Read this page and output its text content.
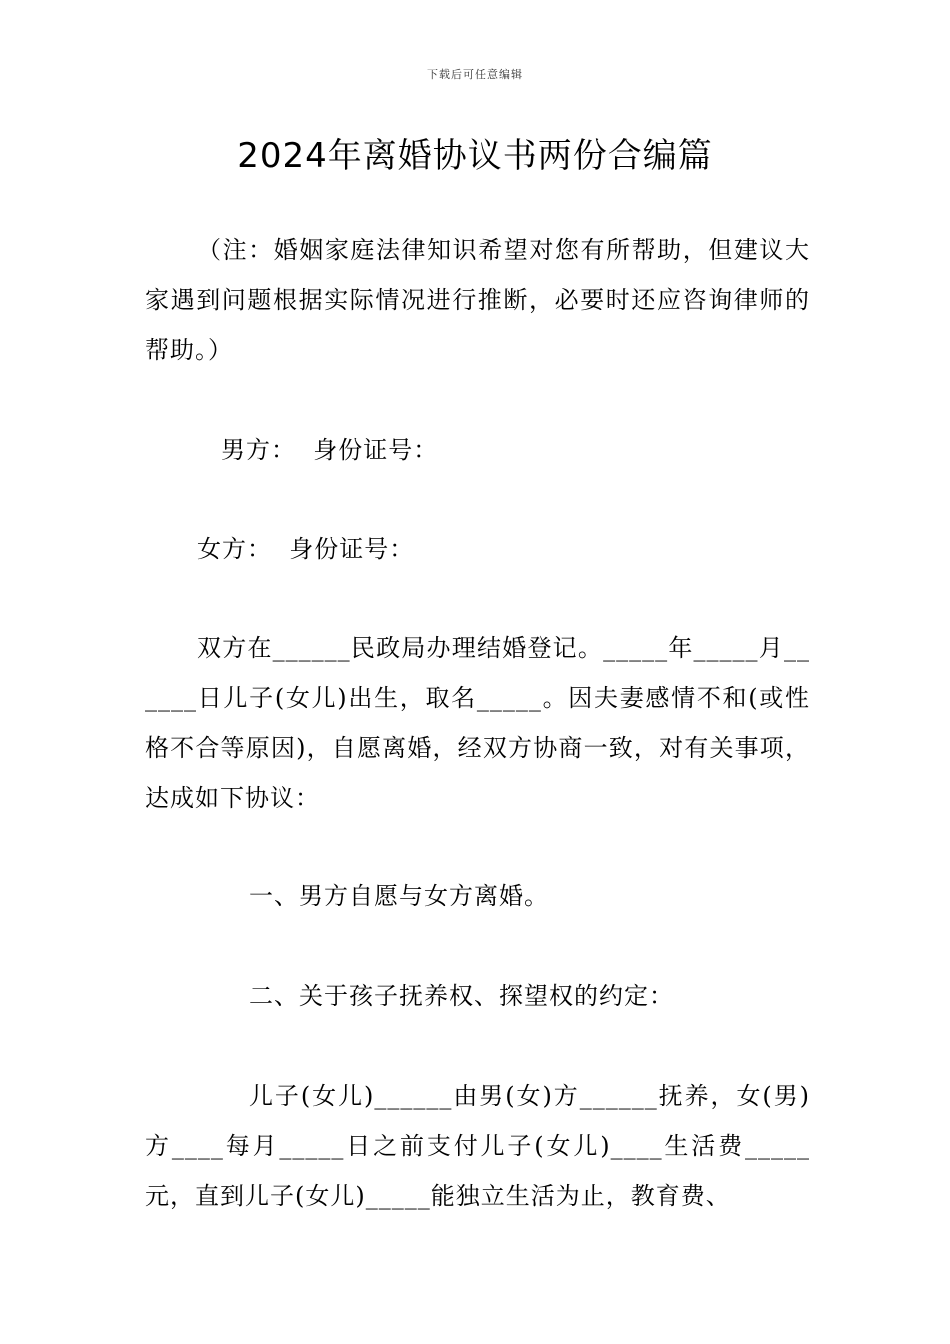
下载后可任意编辑
2024年离婚协议书两份合编篇

（注：婚姻家庭法律知识希望对您有所帮助，但建议大家遇到问题根据实际情况进行推断，必要时还应咨询律师的帮助。）

男方：  身份证号：

女方：  身份证号：

双方在______民政局办理结婚登记。_____年_____月______日儿子(女儿)出生，取名_____。因夫妻感情不和(或性格不合等原因)，自愿离婚，经双方协商一致，对有关事项，达成如下协议：

一、男方自愿与女方离婚。

二、关于孩子抚养权、探望权的约定：

儿子(女儿)______由男(女)方______抚养，女(男)方____每月_____日之前支付儿子(女儿)____生活费_____元，直到儿子(女儿)_____能独立生活为止，教育费、
